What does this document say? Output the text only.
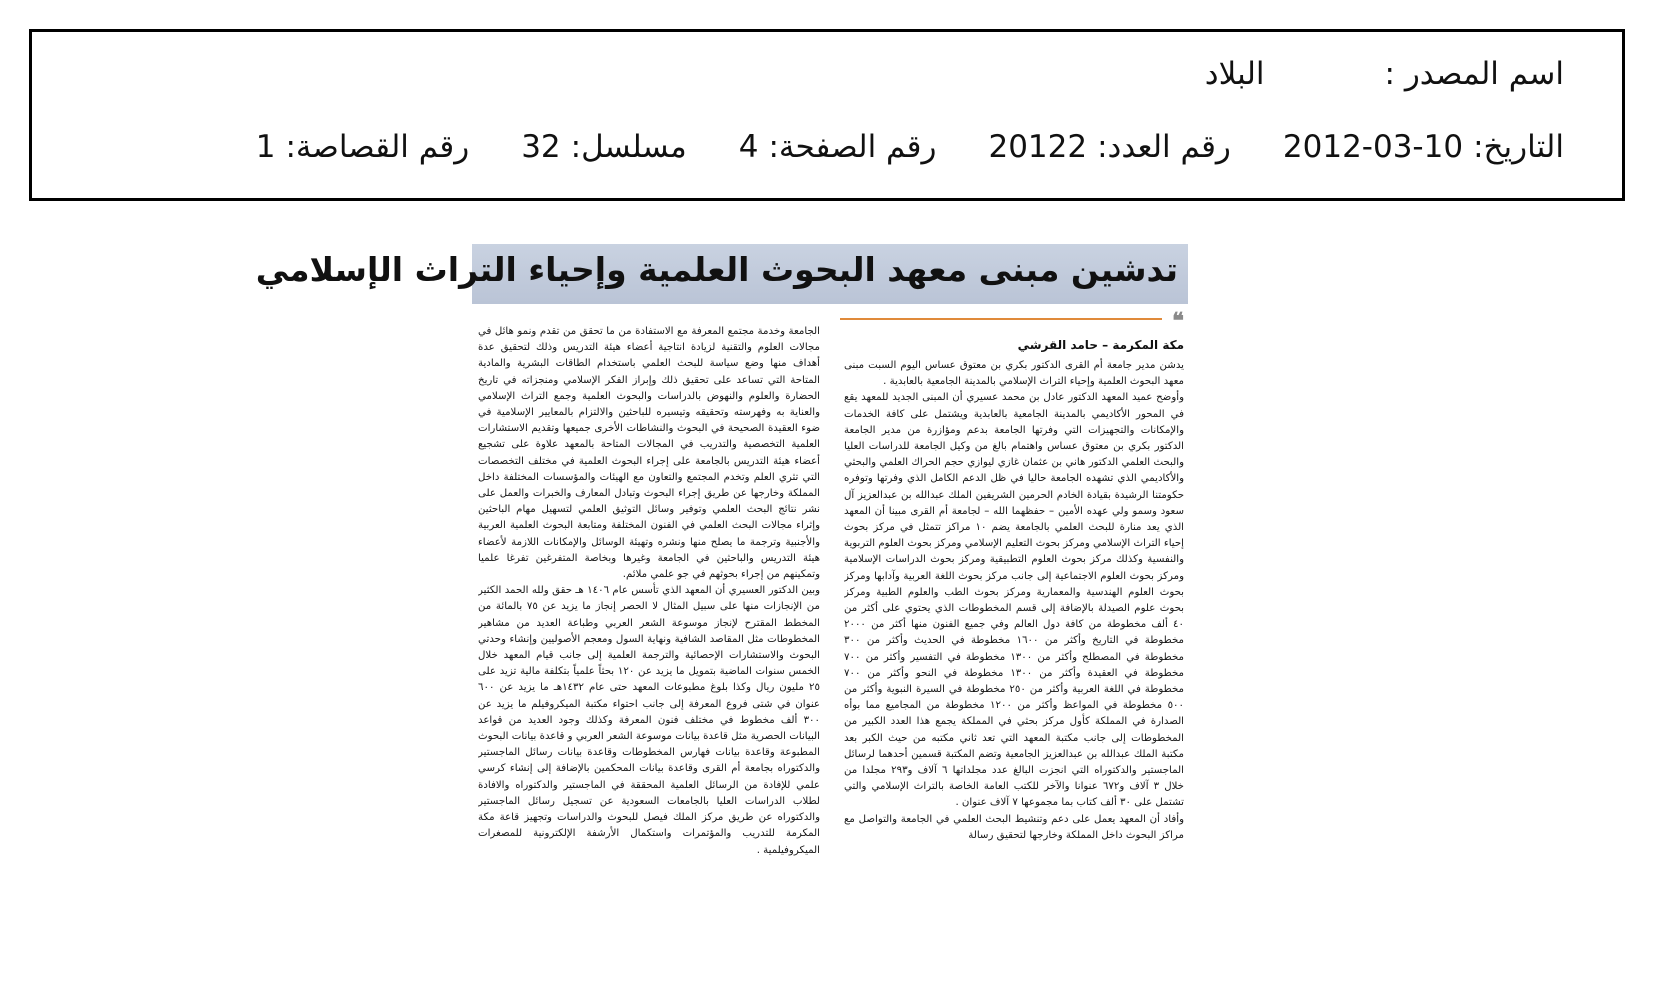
اسم المصدر :
البلاد
التاريخ:
2012-03-10
رقم العدد:
20122
رقم الصفحة:
4
مسلسل:
32
رقم القصاصة:
1
تدشين مبنى معهد البحوث العلمية وإحياء التراث الإسلامي
❝
مكة المكرمة – حامد القرشي

يدشن مدير جامعة أم القرى الدكتور بكري بن معتوق عساس اليوم السبت مبنى معهد البحوث العلمية وإحياء التراث الإسلامي بالمدينة الجامعية بالعابدية .

وأوضح عميد المعهد الدكتور عادل بن محمد عسيري أن المبنى الجديد للمعهد يقع في المحور الأكاديمي بالمدينة الجامعية بالعابدية ويشتمل على كافة الخدمات والإمكانات والتجهيزات التي وفرتها الجامعة بدعم ومؤازرة من مدير الجامعة الدكتور بكري بن معتوق عساس واهتمام بالغ من وكيل الجامعة للدراسات العليا والبحث العلمي الدكتور هاني بن عثمان غازي ليوازي حجم الحراك العلمي والبحثي والأكاديمي الذي تشهده الجامعة حاليا في ظل الدعم الكامل الذي وفرتها وتوفره حكومتنا الرشيدة بقيادة الخادم الحرمين الشريفين الملك عبدالله بن عبدالعزيز آل سعود وسمو ولي عهده الأمين – حفظهما الله – لجامعة أم القرى مبينا أن المعهد الذي يعد منارة للبحث العلمي بالجامعة يضم ١٠ مراكز تتمثل في مركز بحوث إحياء التراث الإسلامي ومركز بحوث التعليم الإسلامي ومركز بحوث العلوم التربوية والنفسية وكذلك مركز بحوث العلوم التطبيقية ومركز بحوث الدراسات الإسلامية ومركز بحوث العلوم الاجتماعية إلى جانب مركز بحوث اللغة العربية وآدابها ومركز بحوث العلوم الهندسية والمعمارية ومركز بحوث الطب والعلوم الطبية ومركز بحوث علوم الصيدلة بالإضافة إلى قسم المخطوطات الذي يحتوي على أكثر من ٤٠ ألف مخطوطة من كافة دول العالم وفي جميع الفنون منها أكثر من ٢٠٠٠ مخطوطة في التاريخ وأكثر من ١٦٠٠ مخطوطة في الحديث وأكثر من ٣٠٠ مخطوطة في المصطلح وأكثر من ١٣٠٠ مخطوطة في التفسير وأكثر من ٧٠٠ مخطوطة في العقيدة وأكثر من ١٣٠٠ مخطوطة في النحو وأكثر من ٧٠٠ مخطوطة في اللغة العربية وأكثر من ٢٥٠ مخطوطة في السيرة النبوية وأكثر من ٥٠٠ مخطوطة في المواعظ وأكثر من ١٢٠٠ مخطوطة من المجاميع مما بوأه الصدارة في المملكة كأول مركز بحثي في المملكة يجمع هذا العدد الكبير من المخطوطات إلى جانب مكتبة المعهد التي تعد ثاني مكتبه من حيث الكبر بعد مكتبة الملك عبدالله بن عبدالعزيز الجامعية وتضم المكتبة قسمين أحدهما لرسائل الماجستير والدكتوراه التي انجزت البالغ عدد مجلداتها ٦ آلاف و٢٩٣ مجلدا من خلال ٣ آلاف و٦٧٢ عنوانا والآخر للكتب العامة الخاصة بالتراث الإسلامي والتي تشتمل على ٣٠ ألف كتاب بما مجموعها ٧ آلاف عنوان .

وأفاد أن المعهد يعمل على دعم وتنشيط البحث العلمي في الجامعة والتواصل مع مراكز البحوث داخل المملكة وخارجها لتحقيق رسالة

الجامعة وخدمة مجتمع المعرفة مع الاستفادة من ما تحقق من تقدم ونمو هائل في مجالات العلوم والتقنية لزيادة انتاجية أعضاء هيئة التدريس وذلك لتحقيق عدة أهداف منها وضع سياسة للبحث العلمي باستخدام الطاقات البشرية والمادية المتاحة التي تساعد على تحقيق ذلك وإبراز الفكر الإسلامي ومنجزاته في تاريخ الحضارة والعلوم والنهوض بالدراسات والبحوث العلمية وجمع التراث الإسلامي والعناية به وفهرسته وتحقيقه وتيسيره للباحثين والالتزام بالمعايير الإسلامية في ضوء العقيدة الصحيحة في البحوث والنشاطات الأخرى جميعها وتقديم الاستشارات العلمية التخصصية والتدريب في المجالات المتاحة بالمعهد علاوة على تشجيع أعضاء هيئة التدريس بالجامعة على إجراء البحوث العلمية في مختلف التخصصات التي تثري العلم وتخدم المجتمع والتعاون مع الهيئات والمؤسسات المختلفة داخل المملكة وخارجها عن طريق إجراء البحوث وتبادل المعارف والخبرات والعمل على نشر نتائج البحث العلمي وتوفير وسائل التوثيق العلمي لتسهيل مهام الباحثين وإثراء مجالات البحث العلمي في الفنون المختلفة ومتابعة البحوث العلمية العربية والأجنبية وترجمة ما يصلح منها ونشره وتهيئة الوسائل والإمكانات اللازمة لأعضاء هيئة التدريس والباحثين في الجامعة وغيرها وبخاصة المتفرغين تفرغا علميا وتمكينهم من إجراء بحوثهم في جو علمي ملائم.

وبين الدكتور العسيري أن المعهد الذي تأسس عام ١٤٠٦ هـ حقق ولله الحمد الكثير من الإنجازات منها على سبيل المثال لا الحصر إنجاز ما يزيد عن ٧٥ بالمائة من المخطط المقترح لإنجاز موسوعة الشعر العربي وطباعة العديد من مشاهير المخطوطات مثل المقاصد الشافية ونهاية السول ومعجم الأصوليين وإنشاء وحدتي البحوث والاستشارات الإحصائية والترجمة العلمية إلى جانب قيام المعهد خلال الخمس سنوات الماضية بتمويل ما يزيد عن ١٢٠ بحثاً علمياً بتكلفة مالية تزيد على ٢٥ مليون ريال وكذا بلوغ مطبوعات المعهد حتى عام ١٤٣٢هـ ما يزيد عن ٦٠٠ عنوان في شتى فروع المعرفة إلى جانب احتواء مكتبة الميكروفيلم ما يزيد عن ٣٠٠ ألف مخطوط في مختلف فنون المعرفة وكذلك وجود العديد من قواعد البيانات الحصرية مثل قاعدة بيانات موسوعة الشعر العربي و قاعدة بيانات البحوث المطبوعة وقاعدة بيانات فهارس المخطوطات وقاعدة بيانات رسائل الماجستير والدكتوراه بجامعة أم القرى وقاعدة بيانات المحكمين بالإضافة إلى إنشاء كرسي علمي للإفادة من الرسائل العلمية المحققة في الماجستير والدكتوراه والافادة لطلاب الدراسات العليا بالجامعات السعودية عن تسجيل رسائل الماجستير والدكتوراه عن طريق مركز الملك فيصل للبحوث والدراسات وتجهيز قاعة مكة المكرمة للتدريب والمؤتمرات واستكمال الأرشفة الإلكترونية للمصغرات الميكروفيلمية .
